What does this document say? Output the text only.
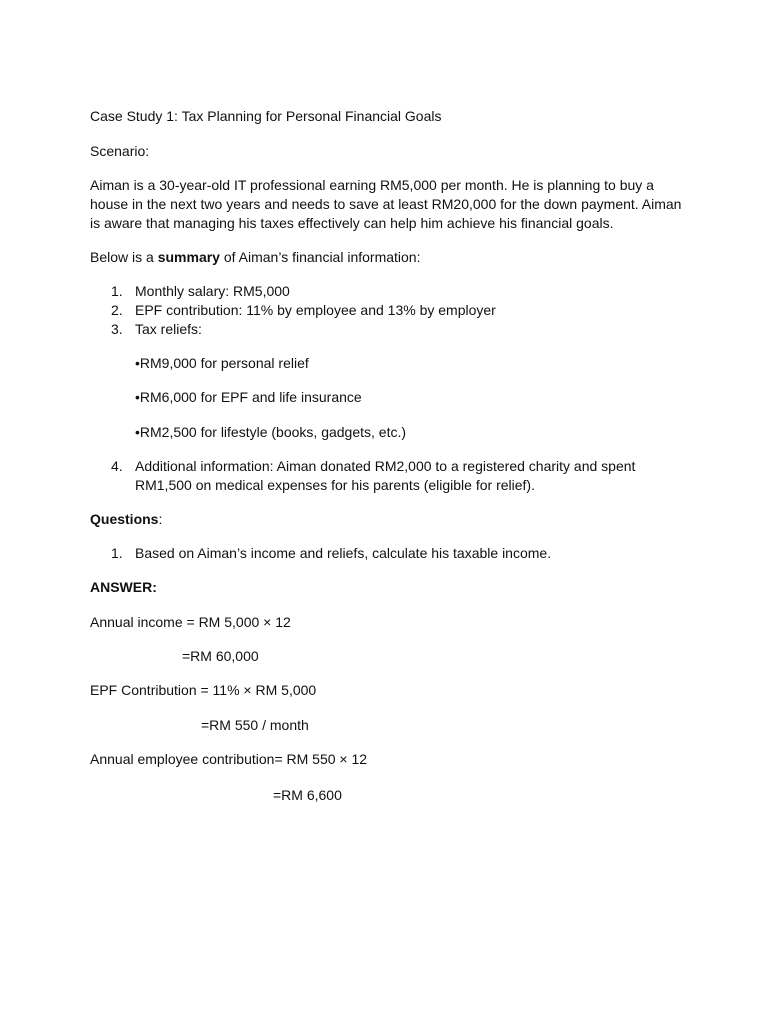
Case Study 1: Tax Planning for Personal Financial Goals
Scenario:
Aiman is a 30-year-old IT professional earning RM5,000 per month. He is planning to buy a
house in the next two years and needs to save at least RM20,000 for the down payment. Aiman
is aware that managing his taxes effectively can help him achieve his financial goals.
Below is a summary of Aiman’s financial information:
1. Monthly salary: RM5,000
2. EPF contribution: 11% by employee and 13% by employer
3. Tax reliefs:
•RM9,000 for personal relief
•RM6,000 for EPF and life insurance
•RM2,500 for lifestyle (books, gadgets, etc.)
4. Additional information: Aiman donated RM2,000 to a registered charity and spent
RM1,500 on medical expenses for his parents (eligible for relief).
Questions:
1. Based on Aiman’s income and reliefs, calculate his taxable income.
ANSWER:
Annual income = RM 5,000 × 12
=RM 60,000
EPF Contribution = 11% × RM 5,000
=RM 550 / month
Annual employee contribution= RM 550 × 12
=RM 6,600
